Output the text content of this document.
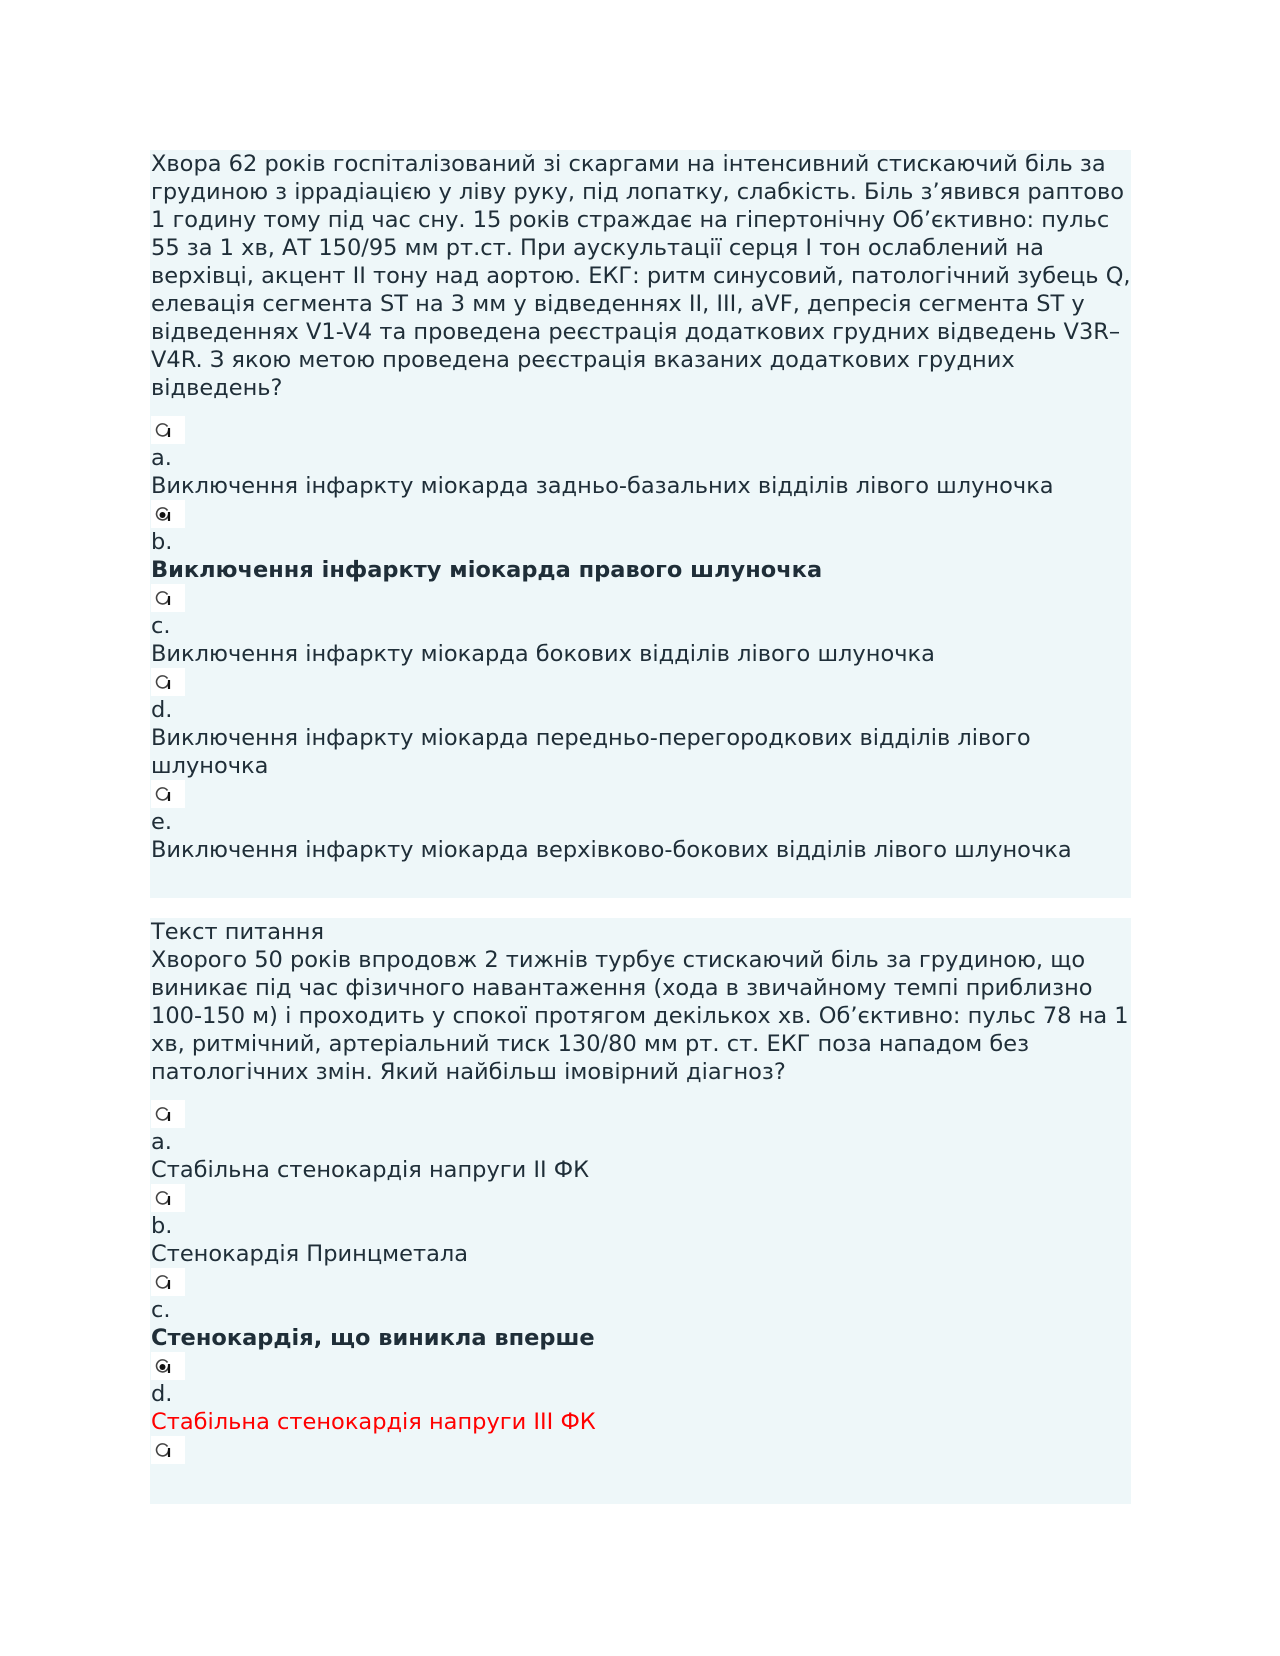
Хвора 62 років госпіталізований зі скаргами на інтенсивний стискаючий біль за грудиною з іррадіацією у ліву руку, під лопатку, слабкість. Біль з’явився раптово 1 годину тому під час сну. 15 років страждає на гіпертонічну Об’єктивно: пульс 55 за 1 хв, АТ 150/95 мм рт.ст. При аускультації серця I тон ослаблений на верхівці, акцент II тону над аортою. ЕКГ: ритм синусовий, патологічний зубець Q, елевація сегмента ST на 3 мм у відведеннях II, III, aVF, депресія сегмента ST у відведеннях V1-V4 та проведена реєстрація додаткових грудних відведень V3R–V4R. З якою метою проведена реєстрація вказаних додаткових грудних відведень?

a.

Виключення інфаркту міокарда задньо-базальних відділів лівого шлуночка

b.

Виключення інфаркту міокарда правого шлуночка

c.

Виключення інфаркту міокарда бокових відділів лівого шлуночка

d.

Виключення інфаркту міокарда передньо-перегородкових відділів лівого шлуночка

e.

Виключення інфаркту міокарда верхівково-бокових відділів лівого шлуночка

Текст питання

Хворого 50 років впродовж 2 тижнів турбує стискаючий біль за грудиною, що виникає під час фізичного навантаження (хода в звичайному темпі приблизно 100-150 м) і проходить у спокої протягом декількох хв. Об’єктивно: пульс 78 на 1 хв, ритмічний, артеріальний тиск 130/80 мм рт. ст. ЕКГ поза нападом без патологічних змін. Який найбільш імовірний діагноз?

a.

Стабільна стенокардія напруги II ФК

b.

Стенокардія Принцметала

c.

Стенокардія, що виникла вперше

d.

Стабільна стенокардія напруги III ФК
